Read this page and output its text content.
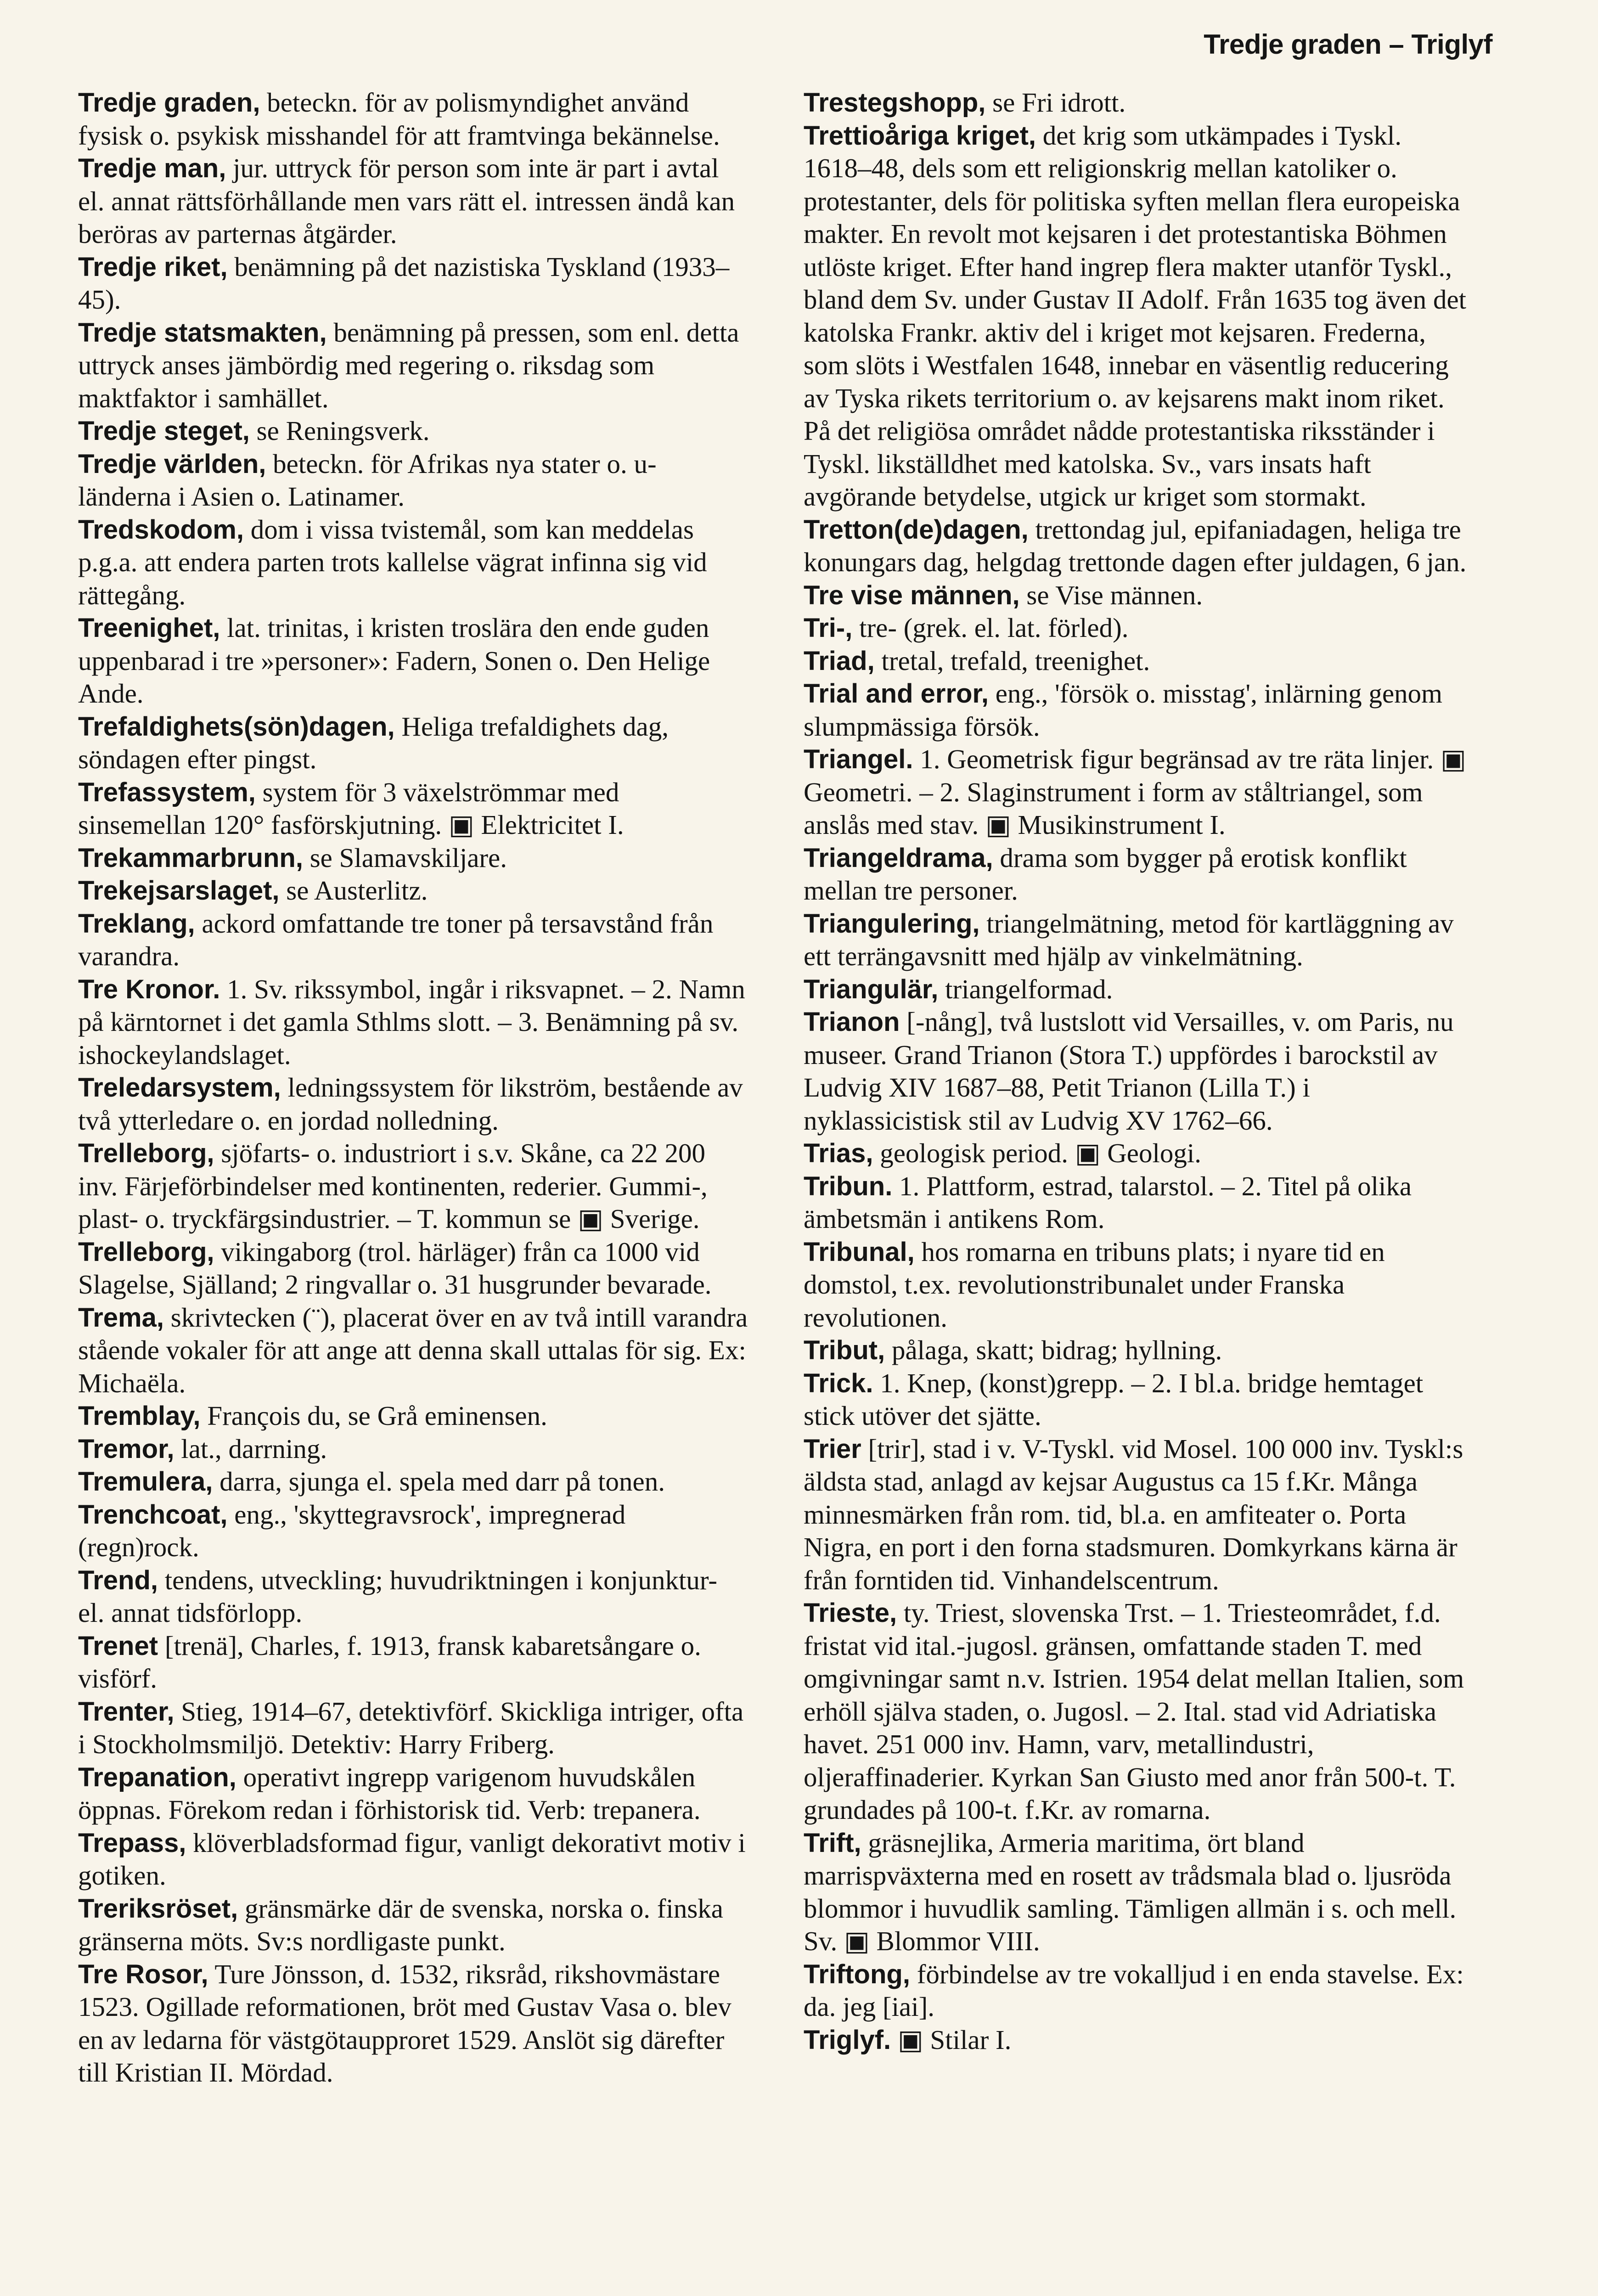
Tredje graden – Triglyf

Tredje graden, beteckn. för av polismyndighet använd fysisk o. psykisk misshandel för att framtvinga bekännelse.

Tredje man, jur. uttryck för person som inte är part i avtal el. annat rättsförhållande men vars rätt el. intressen ändå kan beröras av parternas åtgärder.

Tredje riket, benämning på det nazistiska Tyskland (1933–45).

Tredje statsmakten, benämning på pressen, som enl. detta uttryck anses jämbördig med regering o. riksdag som maktfaktor i samhället.

Tredje steget, se Reningsverk.

Tredje världen, beteckn. för Afrikas nya stater o. u-länderna i Asien o. Latinamer.

Tredskodom, dom i vissa tvistemål, som kan meddelas p.g.a. att endera parten trots kallelse vägrat infinna sig vid rättegång.

Treenighet, lat. trinitas, i kristen troslära den ende guden uppenbarad i tre »personer»: Fadern, Sonen o. Den Helige Ande.

Trefaldighets(sön)dagen, Heliga trefaldighets dag, söndagen efter pingst.

Trefassystem, system för 3 växelströmmar med sinsemellan 120° fasförskjutning. ▣ Elektricitet I.

Trekammarbrunn, se Slamavskiljare.

Trekejsarslaget, se Austerlitz.

Treklang, ackord omfattande tre toner på tersavstånd från varandra.

Tre Kronor. 1. Sv. rikssymbol, ingår i riksvapnet. – 2. Namn på kärntornet i det gamla Sthlms slott. – 3. Benämning på sv. ishockeylandslaget.

Treledarsystem, ledningssystem för likström, bestående av två ytterledare o. en jordad nolledning.

Trelleborg, sjöfarts- o. industriort i s.v. Skåne, ca 22 200 inv. Färjeförbindelser med kontinenten, rederier. Gummi-, plast- o. tryckfärgsindustrier. – T. kommun se ▣ Sverige.

Trelleborg, vikingaborg (trol. härläger) från ca 1000 vid Slagelse, Själland; 2 ringvallar o. 31 husgrunder bevarade.

Trema, skrivtecken (¨), placerat över en av två intill varandra stående vokaler för att ange att denna skall uttalas för sig. Ex: Michaëla.

Tremblay, François du, se Grå eminensen.

Tremor, lat., darrning.

Tremulera, darra, sjunga el. spela med darr på tonen.

Trenchcoat, eng., 'skyttegravsrock', impregnerad (regn)rock.

Trend, tendens, utveckling; huvudriktningen i konjunktur- el. annat tidsförlopp.

Trenet [trenä], Charles, f. 1913, fransk kabaretsångare o. visförf.

Trenter, Stieg, 1914–67, detektivförf. Skickliga intriger, ofta i Stockholmsmiljö. Detektiv: Harry Friberg.

Trepanation, operativt ingrepp varigenom huvudskålen öppnas. Förekom redan i förhistorisk tid. Verb: trepanera.

Trepass, klöverbladsformad figur, vanligt dekorativt motiv i gotiken.

Treriksröset, gränsmärke där de svenska, norska o. finska gränserna möts. Sv:s nordligaste punkt.

Tre Rosor, Ture Jönsson, d. 1532, riksråd, rikshovmästare 1523. Ogillade reformationen, bröt med Gustav Vasa o. blev en av ledarna för västgötaupproret 1529. Anslöt sig därefter till Kristian II. Mördad.

Trestegshopp, se Fri idrott.

Trettioåriga kriget, det krig som utkämpades i Tyskl. 1618–48, dels som ett religionskrig mellan katoliker o. protestanter, dels för politiska syften mellan flera europeiska makter. En revolt mot kejsaren i det protestantiska Böhmen utlöste kriget. Efter hand ingrep flera makter utanför Tyskl., bland dem Sv. under Gustav II Adolf. Från 1635 tog även det katolska Frankr. aktiv del i kriget mot kejsaren. Frederna, som slöts i Westfalen 1648, innebar en väsentlig reducering av Tyska rikets territorium o. av kejsarens makt inom riket. På det religiösa området nådde protestantiska riksständer i Tyskl. likställdhet med katolska. Sv., vars insats haft avgörande betydelse, utgick ur kriget som stormakt.

Tretton(de)dagen, trettondag jul, epifaniadagen, heliga tre konungars dag, helgdag trettonde dagen efter juldagen, 6 jan.

Tre vise männen, se Vise männen.

Tri-, tre- (grek. el. lat. förled).

Triad, tretal, trefald, treenighet.

Trial and error, eng., 'försök o. misstag', inlärning genom slumpmässiga försök.

Triangel. 1. Geometrisk figur begränsad av tre räta linjer. ▣ Geometri. – 2. Slaginstrument i form av ståltriangel, som anslås med stav. ▣ Musikinstrument I.

Triangeldrama, drama som bygger på erotisk konflikt mellan tre personer.

Triangulering, triangelmätning, metod för kartläggning av ett terrängavsnitt med hjälp av vinkelmätning.

Triangulär, triangelformad.

Trianon [-nång], två lustslott vid Versailles, v. om Paris, nu museer. Grand Trianon (Stora T.) uppfördes i barockstil av Ludvig XIV 1687–88, Petit Trianon (Lilla T.) i nyklassicistisk stil av Ludvig XV 1762–66.

Trias, geologisk period. ▣ Geologi.

Tribun. 1. Plattform, estrad, talarstol. – 2. Titel på olika ämbetsmän i antikens Rom.

Tribunal, hos romarna en tribuns plats; i nyare tid en domstol, t.ex. revolutionstribunalet under Franska revolutionen.

Tribut, pålaga, skatt; bidrag; hyllning.

Trick. 1. Knep, (konst)grepp. – 2. I bl.a. bridge hemtaget stick utöver det sjätte.

Trier [trir], stad i v. V-Tyskl. vid Mosel. 100 000 inv. Tyskl:s äldsta stad, anlagd av kejsar Augustus ca 15 f.Kr. Många minnesmärken från rom. tid, bl.a. en amfiteater o. Porta Nigra, en port i den forna stadsmuren. Domkyrkans kärna är från forntiden tid. Vinhandelscentrum.

Trieste, ty. Triest, slovenska Trst. – 1. Triesteområdet, f.d. fristat vid ital.-jugosl. gränsen, omfattande staden T. med omgivningar samt n.v. Istrien. 1954 delat mellan Italien, som erhöll själva staden, o. Jugosl. – 2. Ital. stad vid Adriatiska havet. 251 000 inv. Hamn, varv, metallindustri, oljeraffinaderier. Kyrkan San Giusto med anor från 500-t. T. grundades på 100-t. f.Kr. av romarna.

Trift, gräsnejlika, Armeria maritima, ört bland marrispväxterna med en rosett av trådsmala blad o. ljusröda blommor i huvudlik samling. Tämligen allmän i s. och mell. Sv. ▣ Blommor VIII.

Triftong, förbindelse av tre vokalljud i en enda stavelse. Ex: da. jeg [iai].

Triglyf. ▣ Stilar I.
